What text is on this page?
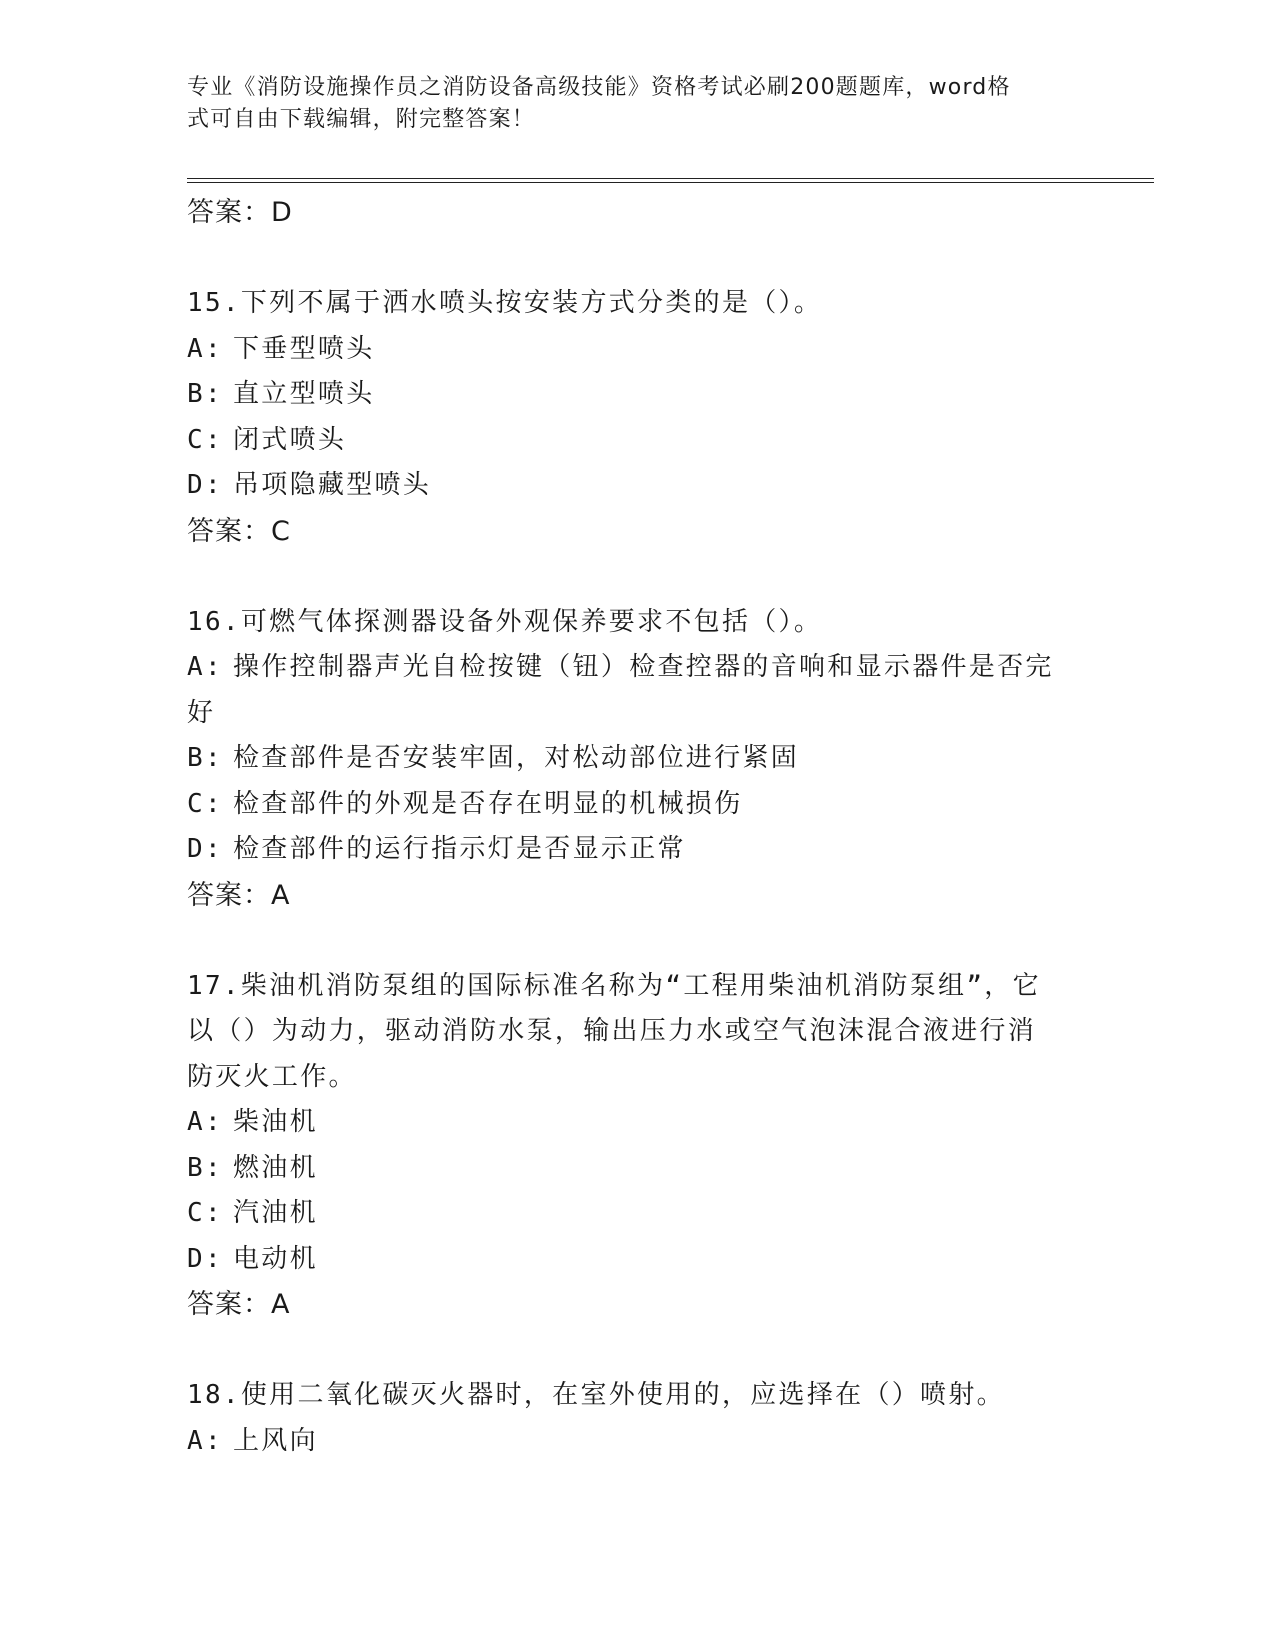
专业《消防设施操作员之消防设备高级技能》资格考试必刷200题题库，word格
式可自由下载编辑，附完整答案！
答案：D
15.下列不属于洒水喷头按安装方式分类的是（）。
A: 下垂型喷头
B: 直立型喷头
C: 闭式喷头
D: 吊项隐藏型喷头
答案：C
16.可燃气体探测器设备外观保养要求不包括（）。
A: 操作控制器声光自检按键（钮）检查控器的音响和显示器件是否完
好
B: 检查部件是否安装牢固，对松动部位进行紧固
C: 检查部件的外观是否存在明显的机械损伤
D: 检查部件的运行指示灯是否显示正常
答案：A
17.柴油机消防泵组的国际标准名称为“工程用柴油机消防泵组”，它
以（）为动力，驱动消防水泵，输出压力水或空气泡沫混合液进行消
防灭火工作。
A: 柴油机
B: 燃油机
C: 汽油机
D: 电动机
答案：A
18.使用二氧化碳灭火器时，在室外使用的，应选择在（）喷射。
A: 上风向
